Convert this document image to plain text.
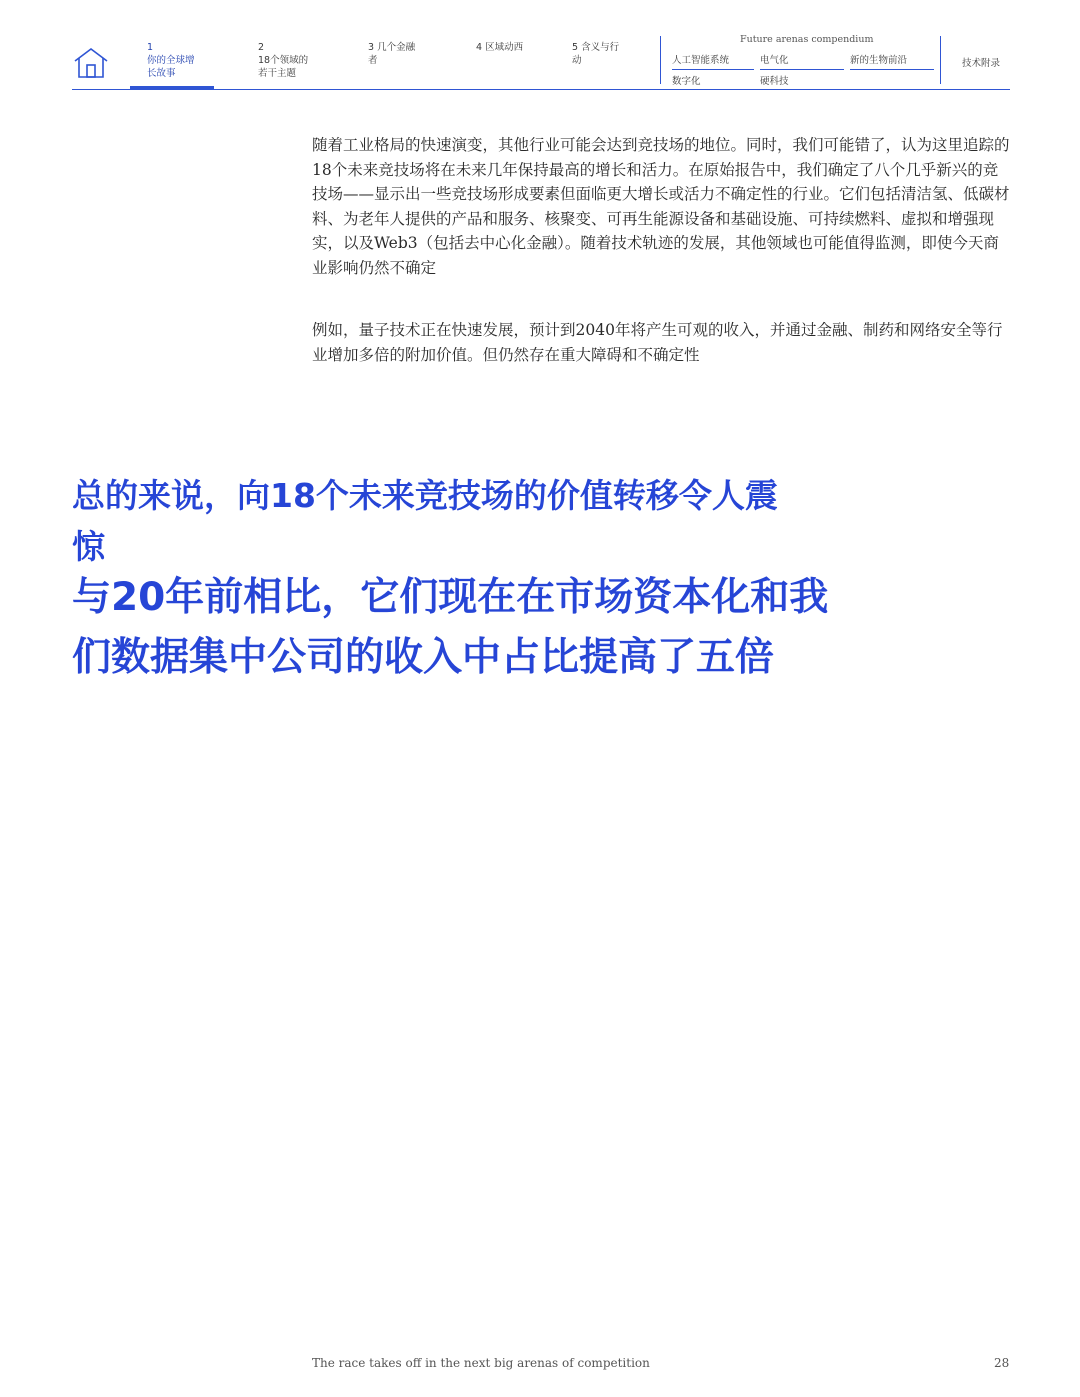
1
你的全球增长故事
2
18个领域的若干主题
3 几个金融者
4 区域动西	5 含义与行动
Future arenas compendium
人工智能系统	电气化	新的生物前沿
数字化	硬科技
技术附录
随着工业格局的快速演变，其他行业可能会达到竞技场的地位。同时，我们可能错了，认为这里追踪的18个未来竞技场将在未来几年保持最高的增长和活力。在原始报告中，我们确定了八个几乎新兴的竞技场——显示出一些竞技场形成要素但面临更大增长或活力不确定性的行业。它们包括清洁氢、低碳材料、为老年人提供的产品和服务、核聚变、可再生能源设备和基础设施、可持续燃料、虚拟和增强现实，以及Web3（包括去中心化金融）。随着技术轨迹的发展，其他领域也可能值得监测，即使今天商业影响仍然不确定
例如，量子技术正在快速发展，预计到2040年将产生可观的收入，并通过金融、制药和网络安全等行业增加多倍的附加价值。但仍然存在重大障碍和不确定性
总的来说，向18个未来竞技场的价值转移令人震惊
与20年前相比，它们现在在市场资本化和我们数据集中公司的收入中占比提高了五倍
The race takes off in the next big arenas of competition	28
